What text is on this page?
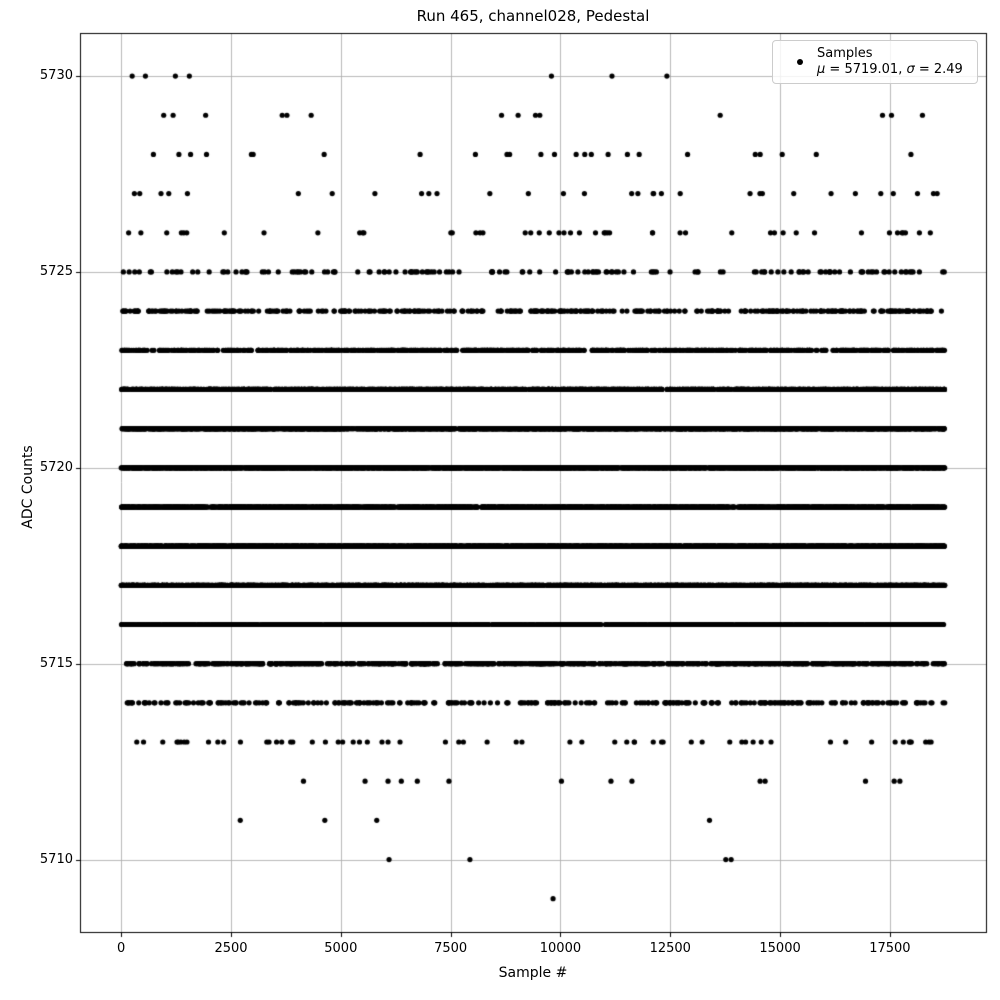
Run 465, channel028, Pedestal
Sample #
ADC Counts
0	2500	5000	7500	10000	12500	15000	17500
5710
5715
5720
5725
5730
Samples
μ = 5719.01, σ = 2.49
